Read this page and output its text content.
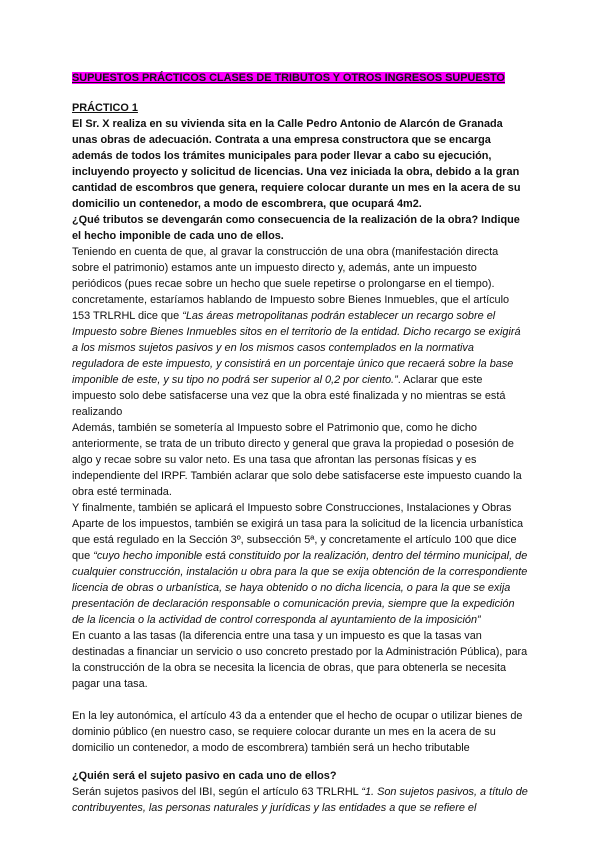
SUPUESTOS PRÁCTICOS CLASES DE TRIBUTOS Y OTROS INGRESOS SUPUESTO

PRÁCTICO 1

El Sr. X realiza en su vivienda sita en la Calle Pedro Antonio de Alarcón de Granada unas obras de adecuación. Contrata a una empresa constructora que se encarga además de todos los trámites municipales para poder llevar a cabo su ejecución, incluyendo proyecto y solicitud de licencias. Una vez iniciada la obra, debido a la gran cantidad de escombros que genera, requiere colocar durante un mes en la acera de su domicilio un contenedor, a modo de escombrera, que ocupará 4m2.

¿Qué tributos se devengarán como consecuencia de la realización de la obra? Indique el hecho imponible de cada uno de ellos.

Teniendo en cuenta de que, al gravar la construcción de una obra (manifestación directa sobre el patrimonio) estamos ante un impuesto directo y, además, ante un impuesto periódicos (pues recae sobre un hecho que suele repetirse o prolongarse en el tiempo). concretamente, estaríamos hablando de Impuesto sobre Bienes Inmuebles, que el artículo 153 TRLRHL dice que “Las áreas metropolitanas podrán establecer un recargo sobre el Impuesto sobre Bienes Inmuebles sitos en el territorio de la entidad. Dicho recargo se exigirá a los mismos sujetos pasivos y en los mismos casos contemplados en la normativa reguladora de este impuesto, y consistirá en un porcentaje único que recaerá sobre la base imponible de este, y su tipo no podrá ser superior al 0,2 por ciento.”. Aclarar que este impuesto solo debe satisfacerse una vez que la obra esté finalizada y no mientras se está realizando

Además, también se sometería al Impuesto sobre el Patrimonio que, como he dicho anteriormente, se trata de un tributo directo y general que grava la propiedad o posesión de algo y recae sobre su valor neto. Es una tasa que afrontan las personas físicas y es independiente del IRPF. También aclarar que solo debe satisfacerse este impuesto cuando la obra esté terminada.

Y finalmente, también se aplicará el Impuesto sobre Construcciones, Instalaciones y Obras

Aparte de los impuestos, también se exigirá un tasa para la solicitud de la licencia urbanística que está regulado en la Sección 3º, subsección 5ª, y concretamente el artículo 100 que dice que “cuyo hecho imponible está constituido por la realización, dentro del término municipal, de cualquier construcción, instalación u obra para la que se exija obtención de la correspondiente licencia de obras o urbanística, se haya obtenido o no dicha licencia, o para la que se exija presentación de declaración responsable o comunicación previa, siempre que la expedición de la licencia o la actividad de control corresponda al ayuntamiento de la imposición”

En cuanto a las tasas (la diferencia entre una tasa y un impuesto es que la tasas van destinadas a financiar un servicio o uso concreto prestado por la Administración Pública), para la construcción de la obra se necesita la licencia de obras, que para obtenerla se necesita pagar una tasa.

En la ley autonómica, el artículo 43 da a entender que el hecho de ocupar o utilizar bienes de dominio público (en nuestro caso, se requiere colocar durante un mes en la acera de su domicilio un contenedor, a modo de escombrera) también será un hecho tributable

¿Quién será el sujeto pasivo en cada uno de ellos?

Serán sujetos pasivos del IBI, según el artículo 63 TRLRHL “1. Son sujetos pasivos, a título de contribuyentes, las personas naturales y jurídicas y las entidades a que se refiere el
